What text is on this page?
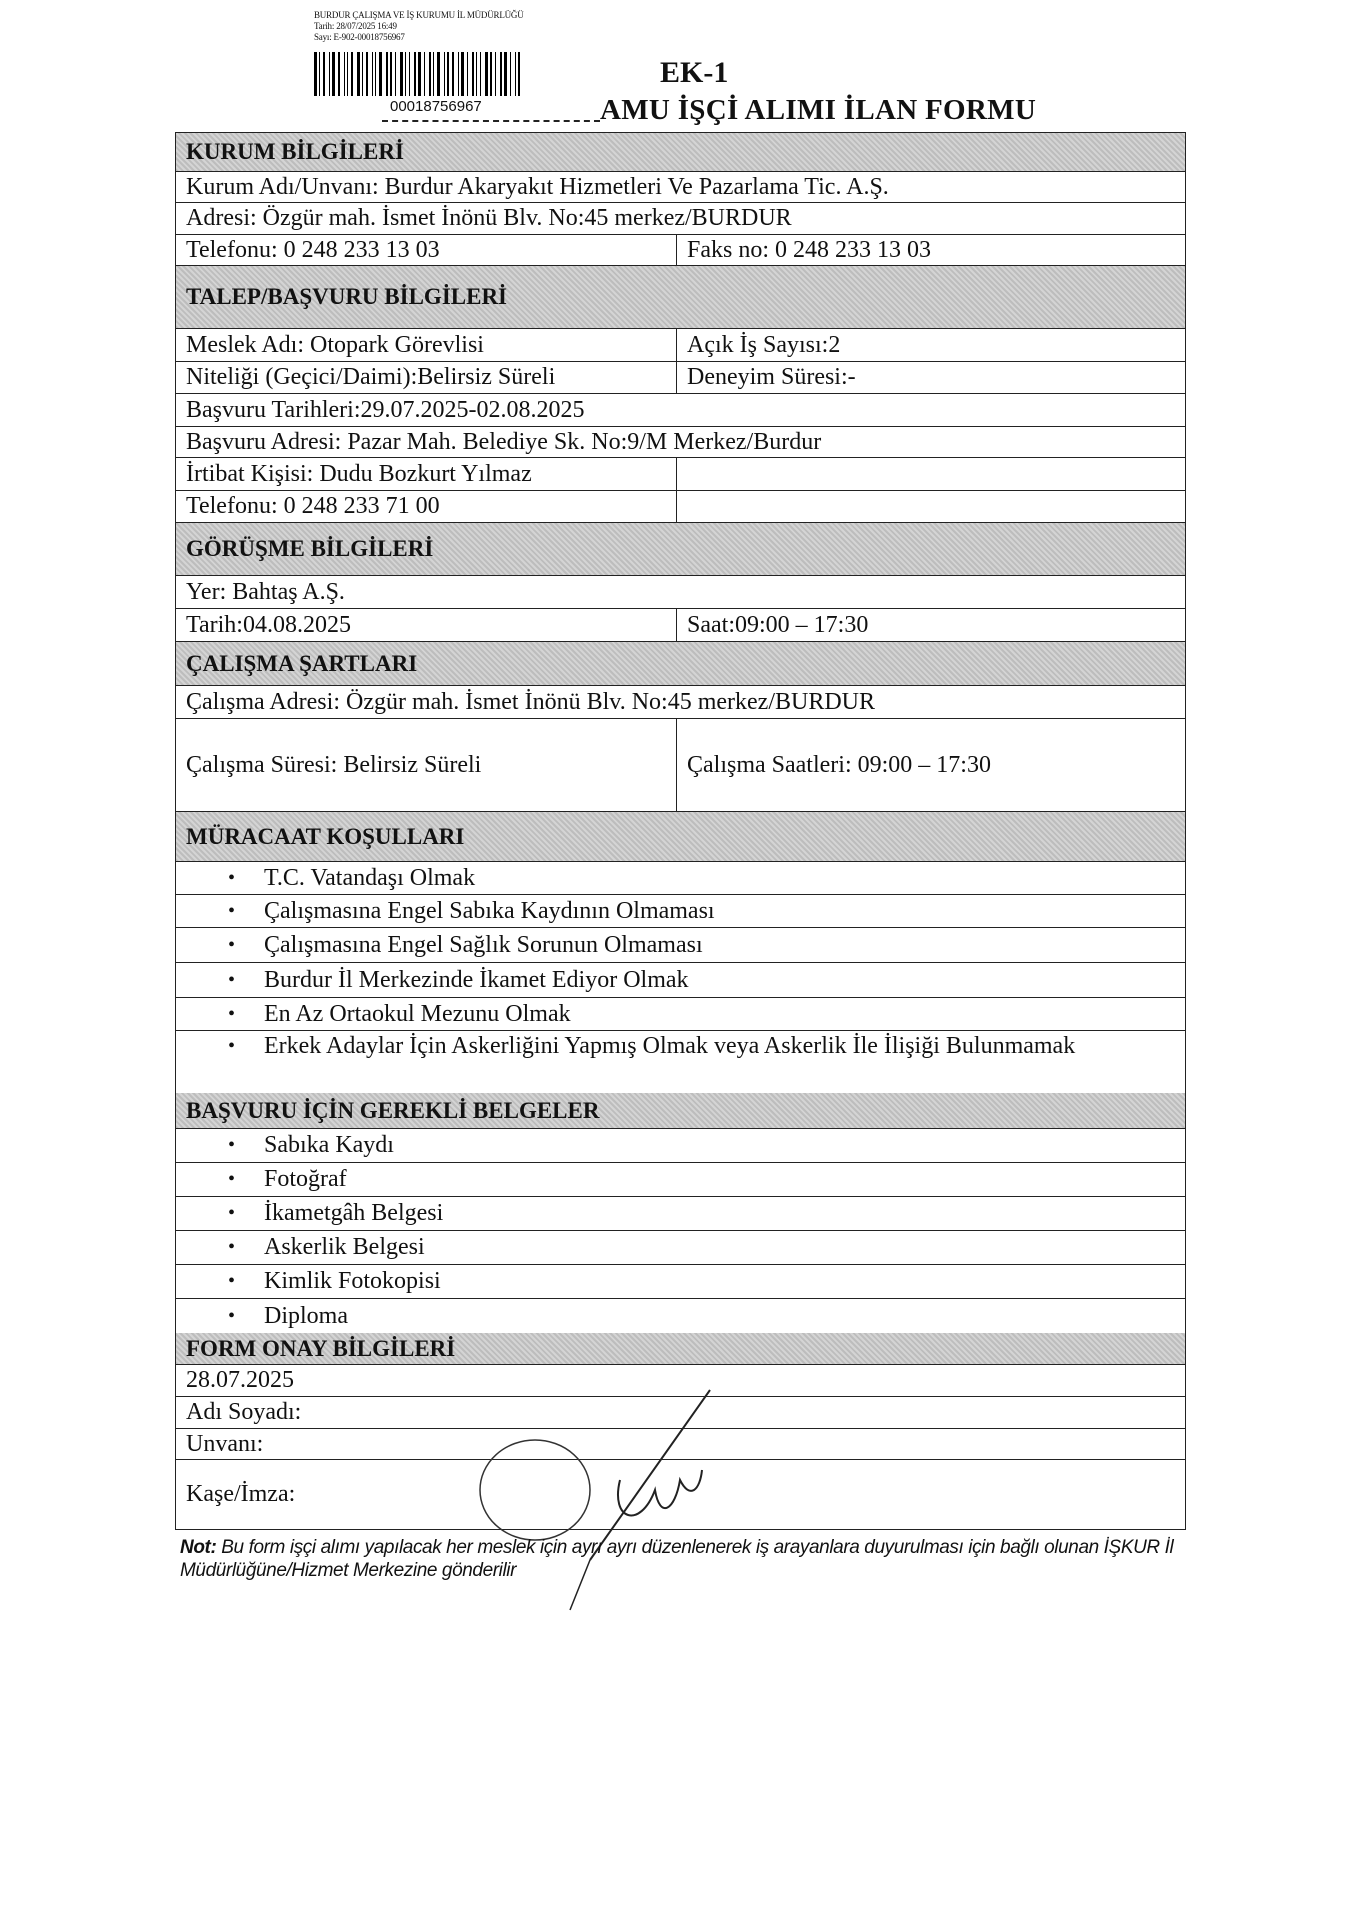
BURDUR ÇALIŞMA VE İŞ KURUMU İL MÜDÜRLÜĞÜ
Tarih: 28/07/2025 16:49
Sayı: E-902-00018756967
00018756967
EK-1
AMU İŞÇİ ALIMI İLAN FORMU
KURUM BİLGİLERİ
Kurum Adı/Unvanı: Burdur Akaryakıt Hizmetleri Ve Pazarlama Tic. A.Ş.
Adresi: Özgür mah. İsmet İnönü Blv. No:45 merkez/BURDUR
Telefonu: 0 248 233 13 03	Faks no: 0 248 233 13 03
TALEP/BAŞVURU BİLGİLERİ
Meslek Adı: Otopark Görevlisi	Açık İş Sayısı:2
Niteliği (Geçici/Daimi):Belirsiz Süreli	Deneyim Süresi:-
Başvuru Tarihleri:29.07.2025-02.08.2025
Başvuru Adresi: Pazar Mah. Belediye Sk. No:9/M Merkez/Burdur
İrtibat Kişisi: Dudu Bozkurt Yılmaz
Telefonu: 0 248 233 71 00
GÖRÜŞME BİLGİLERİ
Yer: Bahtaş A.Ş.
Tarih:04.08.2025	Saat:09:00 – 17:30
ÇALIŞMA ŞARTLARI
Çalışma Adresi: Özgür mah. İsmet İnönü Blv. No:45 merkez/BURDUR
Çalışma Süresi: Belirsiz Süreli	Çalışma Saatleri: 09:00 – 17:30
MÜRACAAT KOŞULLARI
•	T.C. Vatandaşı Olmak
•	Çalışmasına Engel Sabıka Kaydının Olmaması
•	Çalışmasına Engel Sağlık Sorunun Olmaması
•	Burdur İl Merkezinde İkamet Ediyor Olmak
•	En Az Ortaokul Mezunu Olmak
•	Erkek Adaylar İçin Askerliğini Yapmış Olmak veya Askerlik İle İlişiği Bulunmamak
BAŞVURU İÇİN GEREKLİ BELGELER
•	Sabıka Kaydı
•	Fotoğraf
•	İkametgâh Belgesi
•	Askerlik Belgesi
•	Kimlik Fotokopisi
•	Diploma
FORM ONAY BİLGİLERİ
28.07.2025
Adı Soyadı:
Unvanı:
Kaşe/İmza:
Not: Bu form işçi alımı yapılacak her meslek için ayrı ayrı düzenlenerek iş arayanlara duyurulması için bağlı olunan İŞKUR İl Müdürlüğüne/Hizmet Merkezine gönderilir
